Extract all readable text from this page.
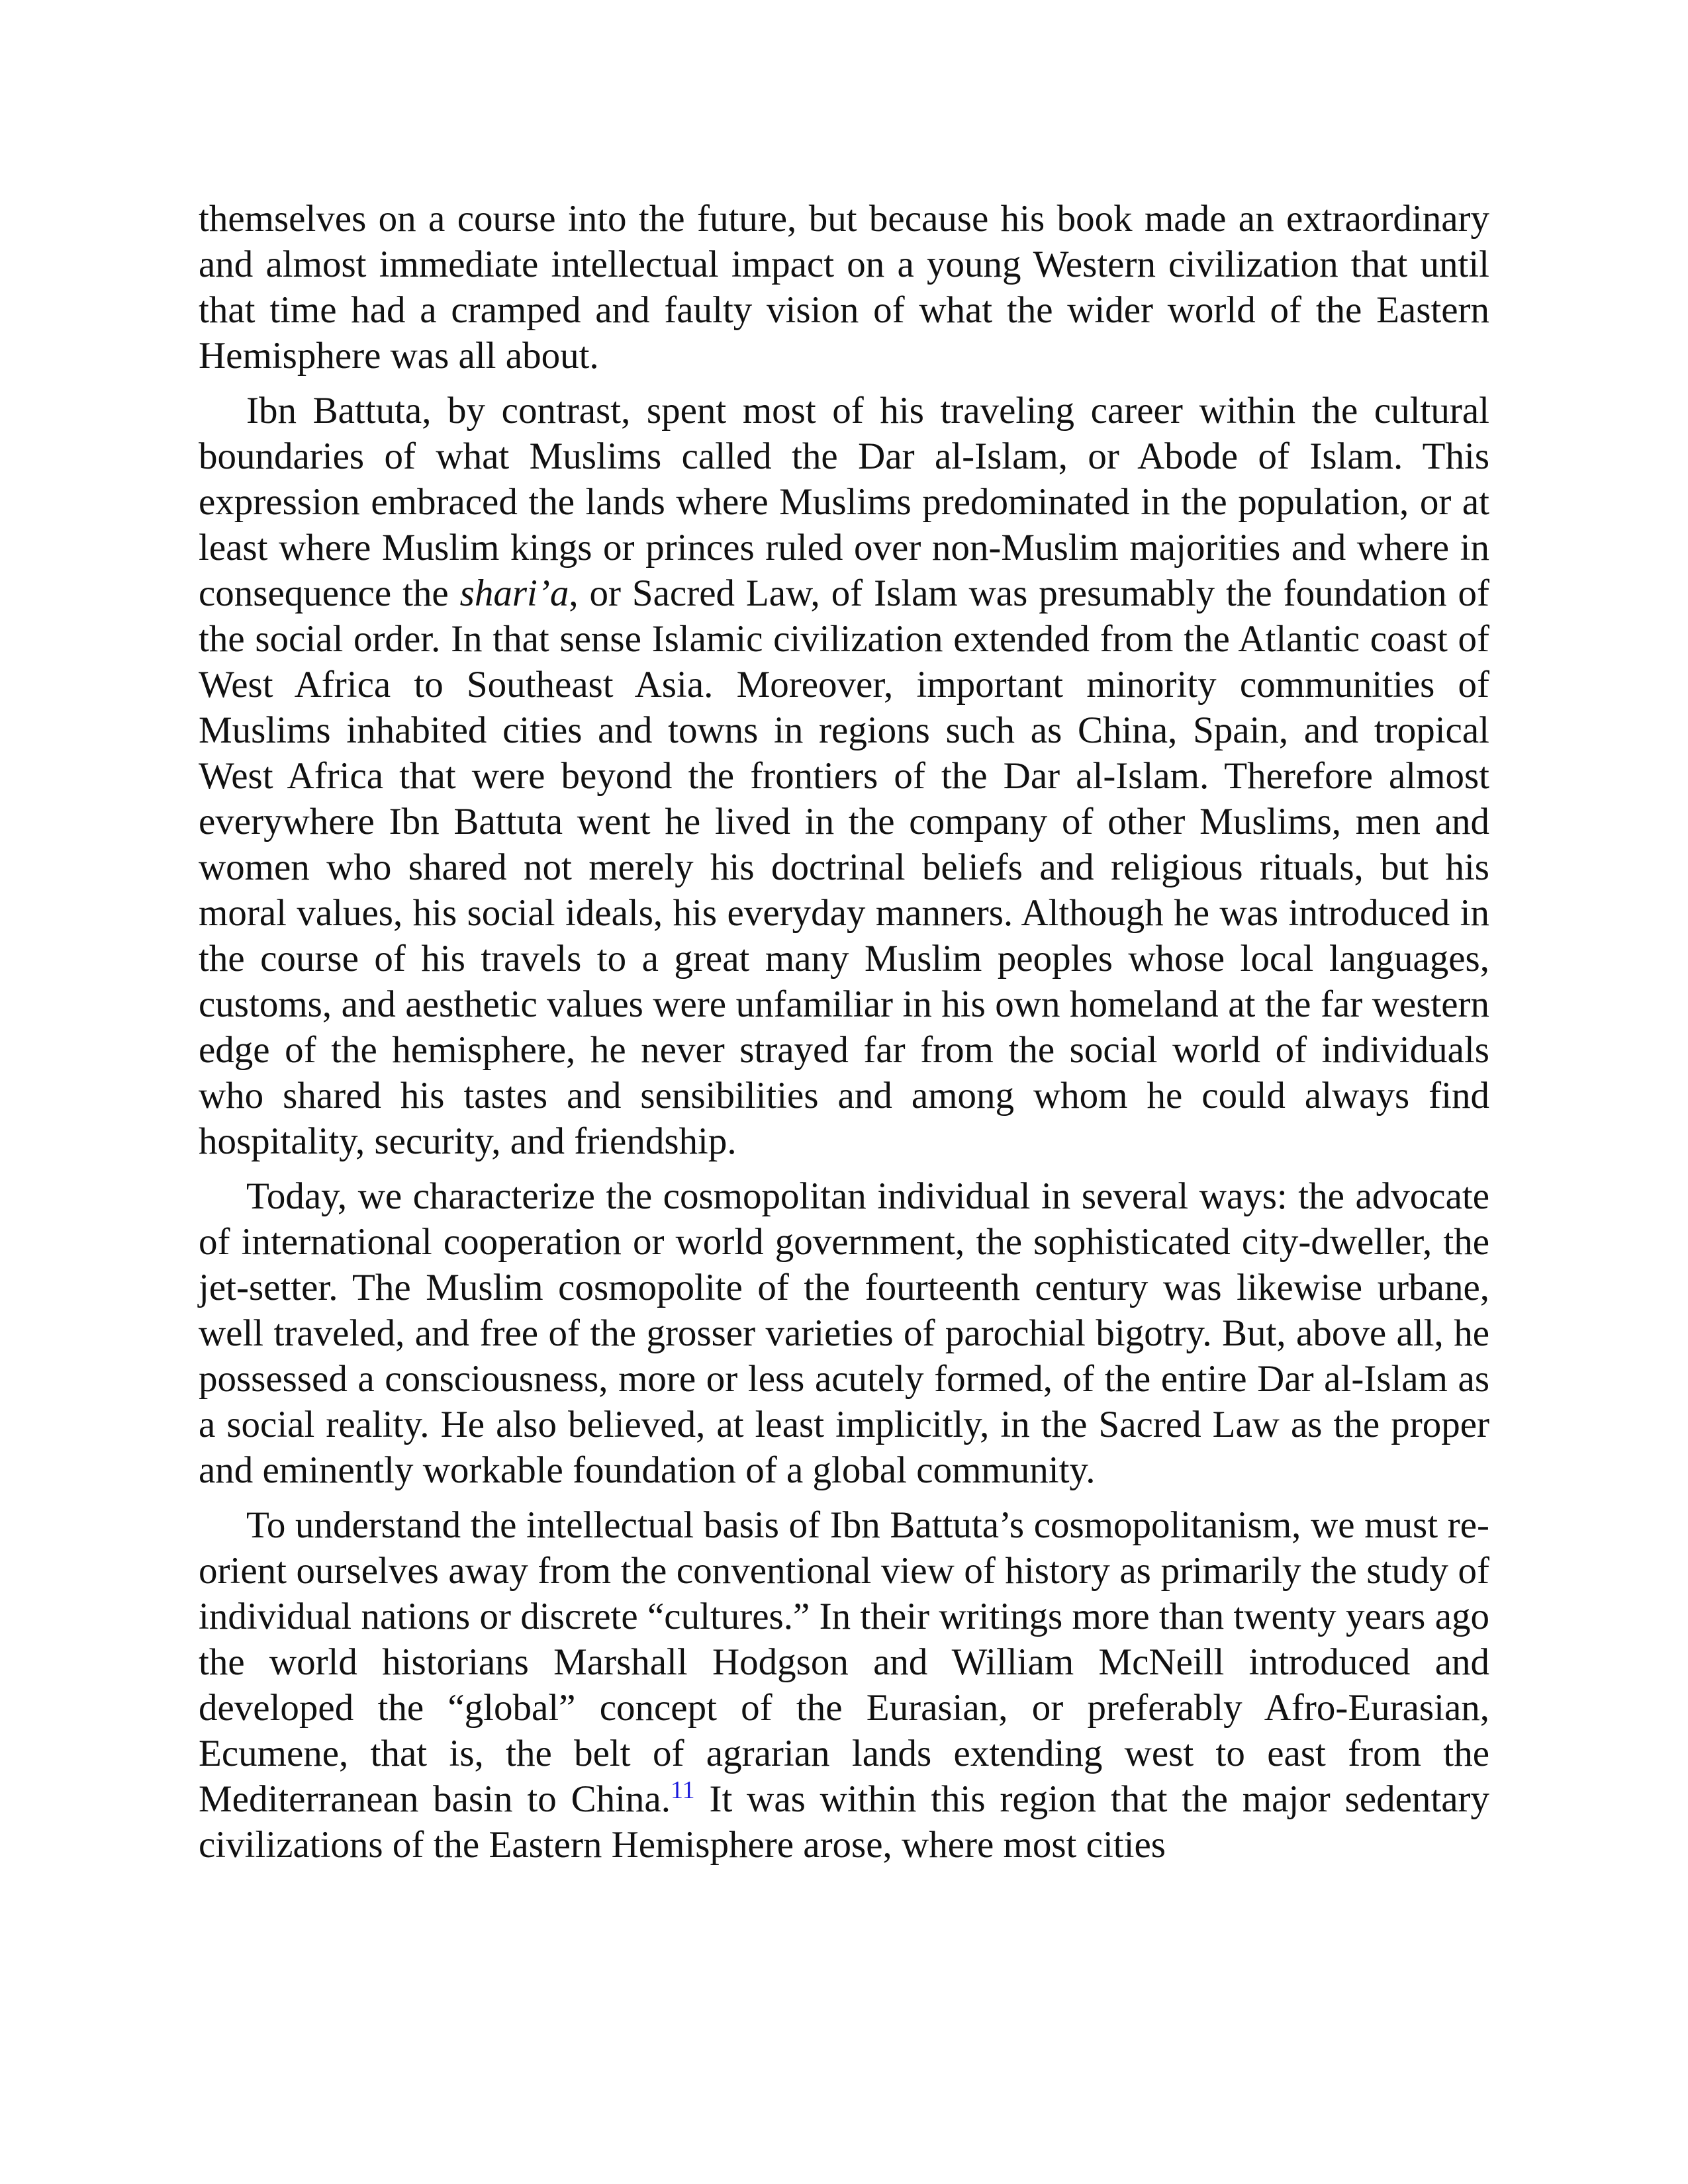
themselves on a course into the future, but because his book made an extraordinary and almost immediate intellectual impact on a young Western civilization that until that time had a cramped and faulty vision of what the wider world of the Eastern Hemisphere was all about.

Ibn Battuta, by contrast, spent most of his traveling career within the cultural boundaries of what Muslims called the Dar al-Islam, or Abode of Islam. This expression embraced the lands where Muslims predominated in the population, or at least where Muslim kings or princes ruled over non-Muslim majorities and where in consequence the shari’a, or Sacred Law, of Islam was presumably the foundation of the social order. In that sense Islamic civilization extended from the Atlantic coast of West Africa to Southeast Asia. Moreover, important minority communities of Muslims inhabited cities and towns in regions such as China, Spain, and tropical West Africa that were beyond the frontiers of the Dar al-Islam. Therefore almost everywhere Ibn Battuta went he lived in the company of other Muslims, men and women who shared not merely his doctrinal beliefs and religious rituals, but his moral values, his social ideals, his everyday manners. Although he was introduced in the course of his travels to a great many Muslim peoples whose local languages, customs, and aesthetic values were unfamiliar in his own homeland at the far western edge of the hemisphere, he never strayed far from the social world of individuals who shared his tastes and sensibilities and among whom he could always find hospitality, security, and friendship.

Today, we characterize the cosmopolitan individual in several ways: the advocate of international cooperation or world government, the sophisticated city-dweller, the jet-setter. The Muslim cosmopolite of the fourteenth century was likewise urbane, well traveled, and free of the grosser varieties of parochial bigotry. But, above all, he possessed a consciousness, more or less acutely formed, of the entire Dar al-Islam as a social reality. He also believed, at least implicitly, in the Sacred Law as the proper and eminently workable foundation of a global community.

To understand the intellectual basis of Ibn Battuta’s cosmopolitanism, we must re-orient ourselves away from the conventional view of history as primarily the study of individual nations or discrete “cultures.” In their writings more than twenty years ago the world historians Marshall Hodgson and William McNeill introduced and developed the “global” concept of the Eurasian, or preferably Afro-Eurasian, Ecumene, that is, the belt of agrarian lands extending west to east from the Mediterranean basin to China.$^{11}$ It was within this region that the major sedentary civilizations of the Eastern Hemisphere arose, where most cities
